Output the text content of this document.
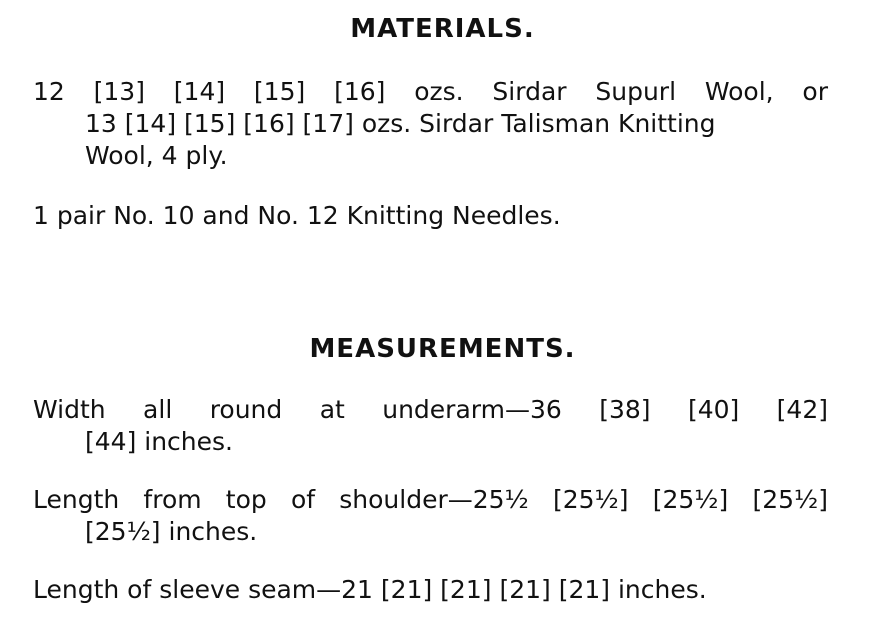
MATERIALS.

12 [13] [14] [15] [16] ozs. Sirdar Supurl Wool, or
13 [14] [15] [16] [17] ozs. Sirdar Talisman Knitting
Wool, 4 ply.

1 pair No. 10 and No. 12 Knitting Needles.

MEASUREMENTS.

Width all round at underarm—36 [38] [40] [42]
[44] inches.

Length from top of shoulder—25½ [25½] [25½] [25½]
[25½] inches.

Length of sleeve seam—21 [21] [21] [21] [21] inches.
